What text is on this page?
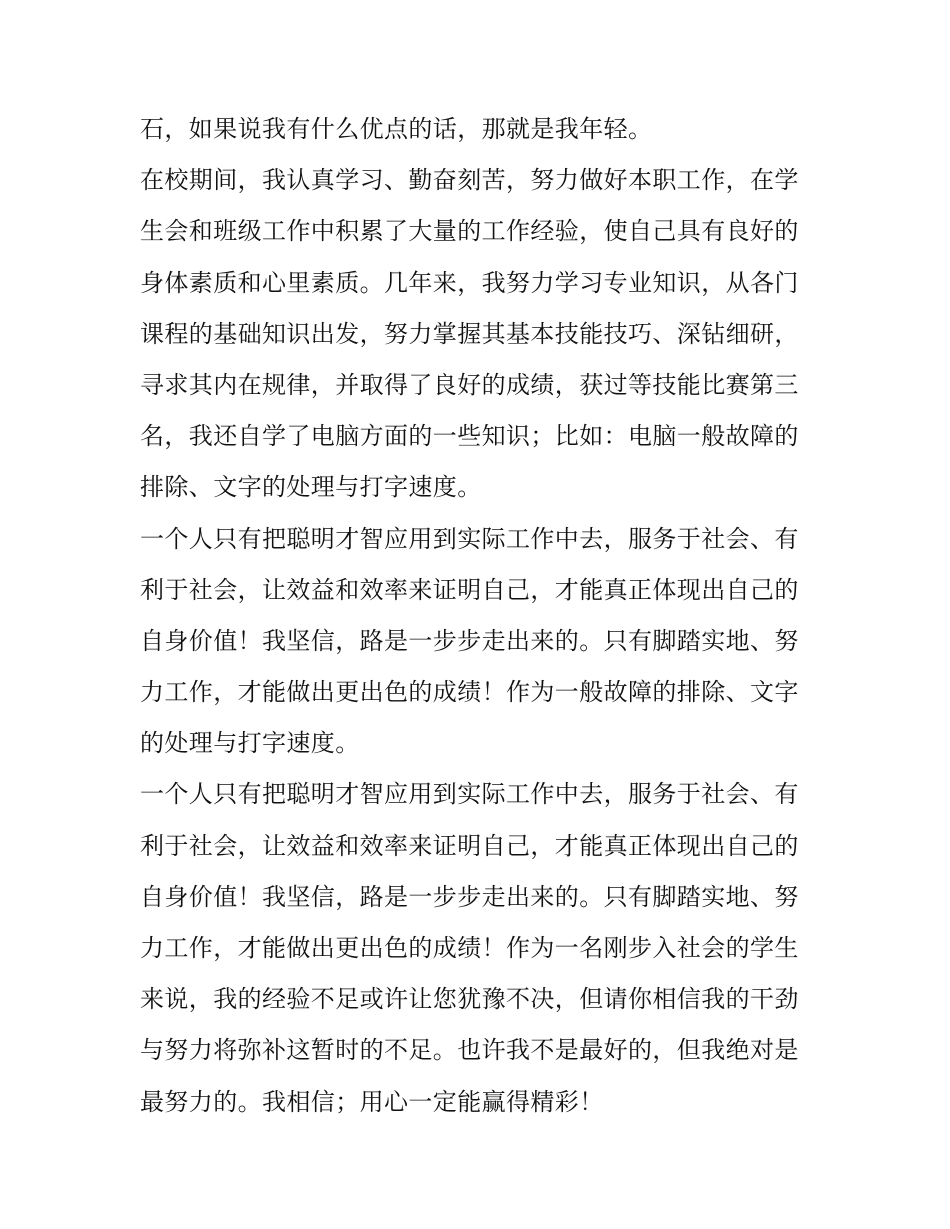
石，如果说我有什么优点的话，那就是我年轻。
在校期间，我认真学习、勤奋刻苦，努力做好本职工作，在学
生会和班级工作中积累了大量的工作经验，使自己具有良好的
身体素质和心里素质。几年来，我努力学习专业知识，从各门
课程的基础知识出发，努力掌握其基本技能技巧、深钻细研，
寻求其内在规律，并取得了良好的成绩，获过等技能比赛第三
名，我还自学了电脑方面的一些知识；比如：电脑一般故障的
排除、文字的处理与打字速度。
一个人只有把聪明才智应用到实际工作中去，服务于社会、有
利于社会，让效益和效率来证明自己，才能真正体现出自己的
自身价值！我坚信，路是一步步走出来的。只有脚踏实地、努
力工作，才能做出更出色的成绩！作为一般故障的排除、文字
的处理与打字速度。
一个人只有把聪明才智应用到实际工作中去，服务于社会、有
利于社会，让效益和效率来证明自己，才能真正体现出自己的
自身价值！我坚信，路是一步步走出来的。只有脚踏实地、努
力工作，才能做出更出色的成绩！作为一名刚步入社会的学生
来说，我的经验不足或许让您犹豫不决，但请你相信我的干劲
与努力将弥补这暂时的不足。也许我不是最好的，但我绝对是
最努力的。我相信；用心一定能赢得精彩！
